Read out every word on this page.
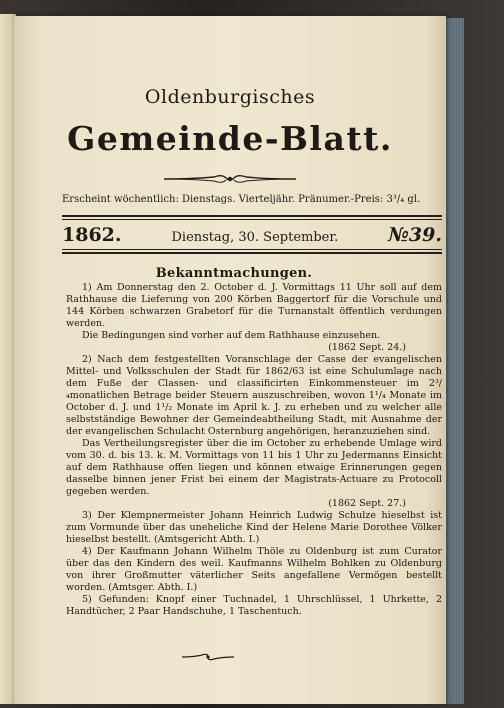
Oldenburgisches
Gemeinde-Blatt.
Erscheint wöchentlich: Dienstags. Vierteljähr. Pränumer.-Preis: 3³/₄ gl.
1862.	Dienstag, 30. September.	№39.
Bekanntmachungen.

1) Am Donnerstag den 2. October d. J. Vormittags 11 Uhr soll auf dem Rathhause die Lieferung von 200 Körben Baggertorf für die Vorschule und 144 Körben schwarzen Grabetorf für die Turnanstalt öffentlich verdungen werden.

Die Bedingungen sind vorher auf dem Rathhause einzusehen.

(1862 Sept. 24.)

2) Nach dem festgestellten Voranschlage der Casse der evangelischen Mittel- und Volksschulen der Stadt für 1862/63 ist eine Schulumlage nach dem Fuße der Classen- und classificirten Einkommensteuer im 2³/₄monatlichen Betrage beider Steuern auszuschreiben, wovon 1¹/₄ Monate im October d. J. und 1¹/₂ Monate im April k. J. zu erheben und zu welcher alle selbstständige Bewohner der Gemeindeabtheilung Stadt, mit Ausnahme der der evangelischen Schulacht Osternburg angehörigen, heranzuziehen sind.

Das Vertheilungsregister über die im October zu erhebende Umlage wird vom 30. d. bis 13. k. M. Vormittags von 11 bis 1 Uhr zu Jedermanns Einsicht auf dem Rathhause offen liegen und können etwaige Erinnerungen gegen dasselbe binnen jener Frist bei einem der Magistrats-Actuare zu Protocoll gegeben werden.

(1862 Sept. 27.)

3) Der Klempnermeister Johann Heinrich Ludwig Schulze hieselbst ist zum Vormunde über das uneheliche Kind der Helene Marie Dorothee Völker hieselbst bestellt. (Amtsgericht Abth. I.)

4) Der Kaufmann Johann Wilhelm Thöle zu Oldenburg ist zum Curator über das den Kindern des weil. Kaufmanns Wilhelm Bohlken zu Oldenburg von ihrer Großmutter väterlicher Seits angefallene Vermögen bestellt worden. (Amtsger. Abth. I.)

5) Gefunden: Knopf einer Tuchnadel, 1 Uhrschlüssel, 1 Uhrkette, 2 Handtücher, 2 Paar Handschuhe, 1 Taschentuch.
